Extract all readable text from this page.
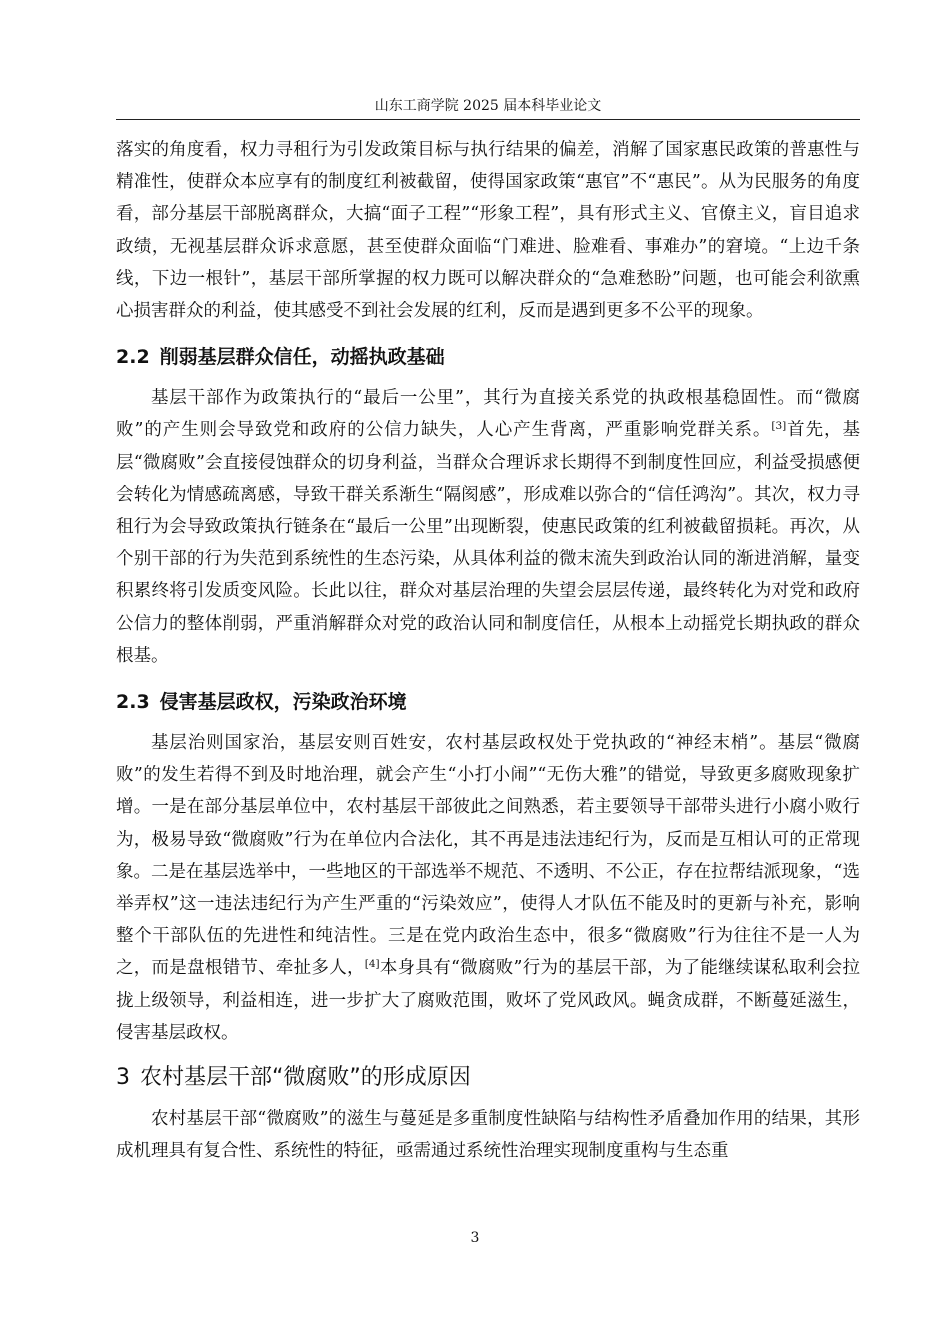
山东工商学院 2025 届本科毕业论文

落实的角度看，权力寻租行为引发政策目标与执行结果的偏差，消解了国家惠民政策的普惠性与精准性，使群众本应享有的制度红利被截留，使得国家政策“惠官”不“惠民”。从为民服务的角度看，部分基层干部脱离群众，大搞“面子工程”“形象工程”，具有形式主义、官僚主义，盲目追求政绩，无视基层群众诉求意愿，甚至使群众面临“门难进、脸难看、事难办”的窘境。“上边千条线，下边一根针”，基层干部所掌握的权力既可以解决群众的“急难愁盼”问题，也可能会利欲熏心损害群众的利益，使其感受不到社会发展的红利，反而是遇到更多不公平的现象。

2.2 削弱基层群众信任，动摇执政基础

基层干部作为政策执行的“最后一公里”，其行为直接关系党的执政根基稳固性。而“微腐败”的产生则会导致党和政府的公信力缺失，人心产生背离，严重影响党群关系。[3]首先，基层“微腐败”会直接侵蚀群众的切身利益，当群众合理诉求长期得不到制度性回应，利益受损感便会转化为情感疏离感，导致干群关系渐生“隔阂感”，形成难以弥合的“信任鸿沟”。其次，权力寻租行为会导致政策执行链条在“最后一公里”出现断裂，使惠民政策的红利被截留损耗。再次，从个别干部的行为失范到系统性的生态污染，从具体利益的微末流失到政治认同的渐进消解，量变积累终将引发质变风险。长此以往，群众对基层治理的失望会层层传递，最终转化为对党和政府公信力的整体削弱，严重消解群众对党的政治认同和制度信任，从根本上动摇党长期执政的群众根基。

2.3 侵害基层政权，污染政治环境

基层治则国家治，基层安则百姓安，农村基层政权处于党执政的“神经末梢”。基层“微腐败”的发生若得不到及时地治理，就会产生“小打小闹”“无伤大雅”的错觉，导致更多腐败现象扩增。一是在部分基层单位中，农村基层干部彼此之间熟悉，若主要领导干部带头进行小腐小败行为，极易导致“微腐败”行为在单位内合法化，其不再是违法违纪行为，反而是互相认可的正常现象。二是在基层选举中，一些地区的干部选举不规范、不透明、不公正，存在拉帮结派现象，“选举弄权”这一违法违纪行为产生严重的“污染效应”，使得人才队伍不能及时的更新与补充，影响整个干部队伍的先进性和纯洁性。三是在党内政治生态中，很多“微腐败”行为往往不是一人为之，而是盘根错节、牵扯多人，[4]本身具有“微腐败”行为的基层干部，为了能继续谋私取利会拉拢上级领导，利益相连，进一步扩大了腐败范围，败坏了党风政风。蝇贪成群，不断蔓延滋生，侵害基层政权。

3 农村基层干部“微腐败”的形成原因

农村基层干部“微腐败”的滋生与蔓延是多重制度性缺陷与结构性矛盾叠加作用的结果，其形成机理具有复合性、系统性的特征，亟需通过系统性治理实现制度重构与生态重

3
